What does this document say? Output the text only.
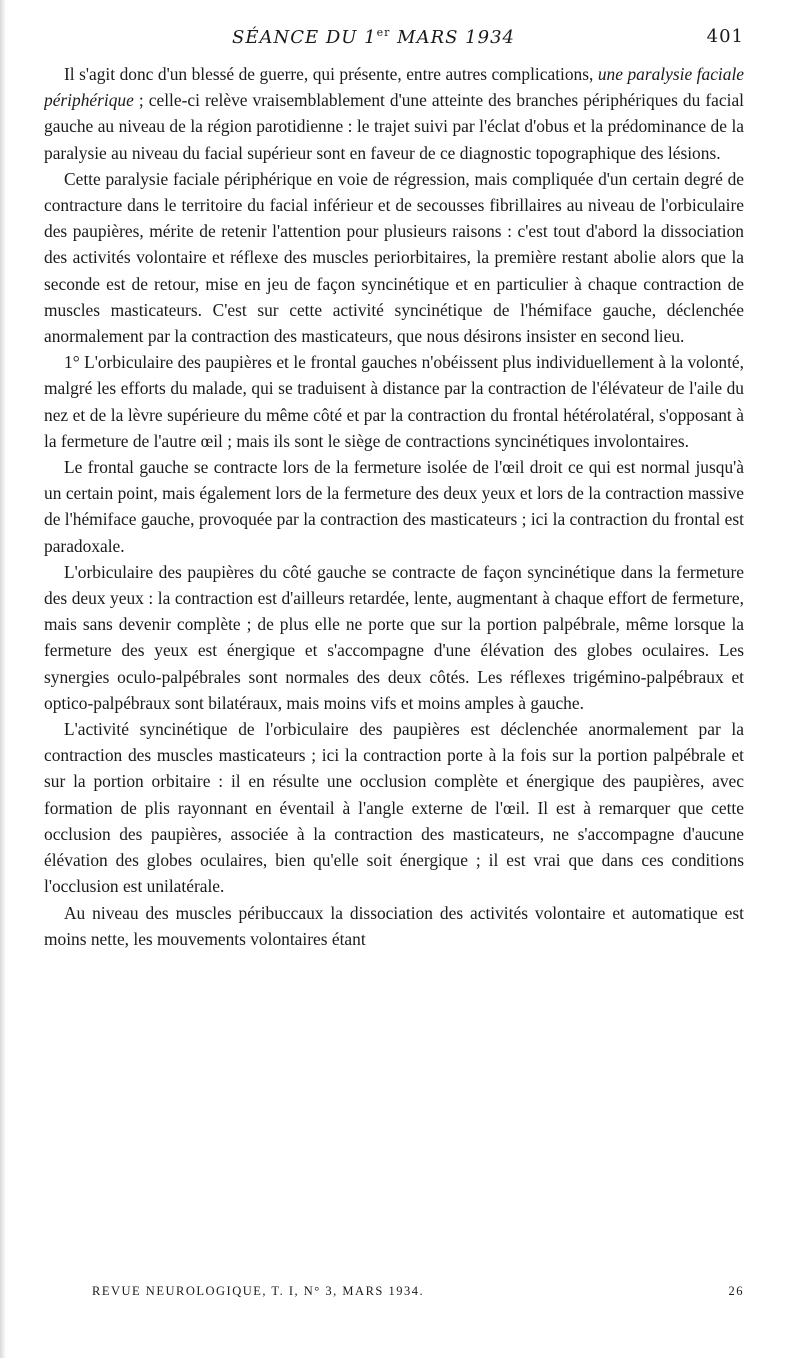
SÉANCE DU 1er MARS 1934	401

Il s'agit donc d'un blessé de guerre, qui présente, entre autres complications, une paralysie faciale périphérique ; celle-ci relève vraisemblablement d'une atteinte des branches périphériques du facial gauche au niveau de la région parotidienne : le trajet suivi par l'éclat d'obus et la prédominance de la paralysie au niveau du facial supérieur sont en faveur de ce diagnostic topographique des lésions.

Cette paralysie faciale périphérique en voie de régression, mais compliquée d'un certain degré de contracture dans le territoire du facial inférieur et de secousses fibrillaires au niveau de l'orbiculaire des paupières, mérite de retenir l'attention pour plusieurs raisons : c'est tout d'abord la dissociation des activités volontaire et réflexe des muscles periorbitaires, la première restant abolie alors que la seconde est de retour, mise en jeu de façon syncinétique et en particulier à chaque contraction de muscles masticateurs. C'est sur cette activité syncinétique de l'hémiface gauche, déclenchée anormalement par la contraction des masticateurs, que nous désirons insister en second lieu.

1° L'orbiculaire des paupières et le frontal gauches n'obéissent plus individuellement à la volonté, malgré les efforts du malade, qui se traduisent à distance par la contraction de l'élévateur de l'aile du nez et de la lèvre supérieure du même côté et par la contraction du frontal hétérolatéral, s'opposant à la fermeture de l'autre œil ; mais ils sont le siège de contractions syncinétiques involontaires.

Le frontal gauche se contracte lors de la fermeture isolée de l'œil droit ce qui est normal jusqu'à un certain point, mais également lors de la fermeture des deux yeux et lors de la contraction massive de l'hémiface gauche, provoquée par la contraction des masticateurs ; ici la contraction du frontal est paradoxale.

L'orbiculaire des paupières du côté gauche se contracte de façon syncinétique dans la fermeture des deux yeux : la contraction est d'ailleurs retardée, lente, augmentant à chaque effort de fermeture, mais sans devenir complète ; de plus elle ne porte que sur la portion palpébrale, même lorsque la fermeture des yeux est énergique et s'accompagne d'une élévation des globes oculaires. Les synergies oculo-palpébrales sont normales des deux côtés. Les réflexes trigémino-palpébraux et optico-palpébraux sont bilatéraux, mais moins vifs et moins amples à gauche.

L'activité syncinétique de l'orbiculaire des paupières est déclenchée anormalement par la contraction des muscles masticateurs ; ici la contraction porte à la fois sur la portion palpébrale et sur la portion orbitaire : il en résulte une occlusion complète et énergique des paupières, avec formation de plis rayonnant en éventail à l'angle externe de l'œil. Il est à remarquer que cette occlusion des paupières, associée à la contraction des masticateurs, ne s'accompagne d'aucune élévation des globes oculaires, bien qu'elle soit énergique ; il est vrai que dans ces conditions l'occlusion est unilatérale.

Au niveau des muscles péribuccaux la dissociation des activités volontaire et automatique est moins nette, les mouvements volontaires étant

REVUE NEUROLOGIQUE, T. I, N° 3, MARS 1934.	26
